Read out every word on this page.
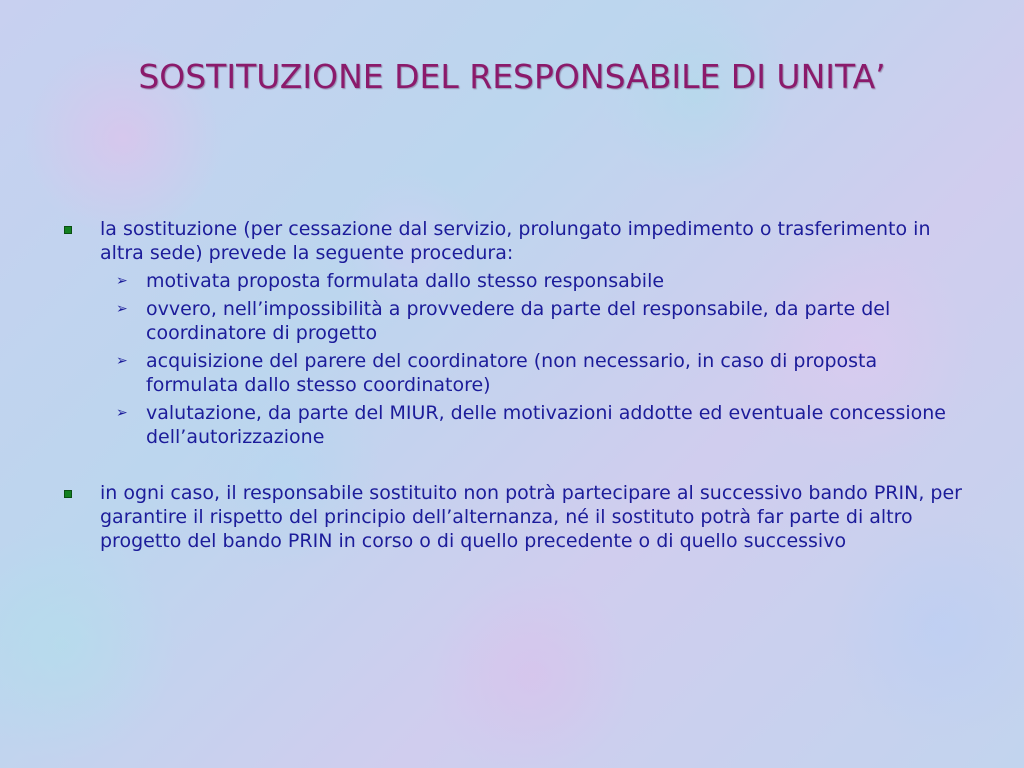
SOSTITUZIONE DEL RESPONSABILE DI UNITA’
la sostituzione (per cessazione dal servizio, prolungato impedimento o trasferimento in altra sede) prevede la seguente procedura:
➢ motivata proposta formulata dallo stesso responsabile
➢ ovvero, nell’impossibilità a provvedere da parte del responsabile, da parte del coordinatore di progetto
➢ acquisizione del parere del coordinatore (non necessario, in caso di proposta formulata dallo stesso coordinatore)
➢ valutazione, da parte del MIUR, delle motivazioni addotte ed eventuale concessione dell’autorizzazione
in ogni caso, il responsabile sostituito non potrà partecipare al successivo bando PRIN, per garantire il rispetto del principio dell’alternanza, né il sostituto potrà far parte di altro progetto del bando PRIN in corso o di quello precedente o di quello successivo
